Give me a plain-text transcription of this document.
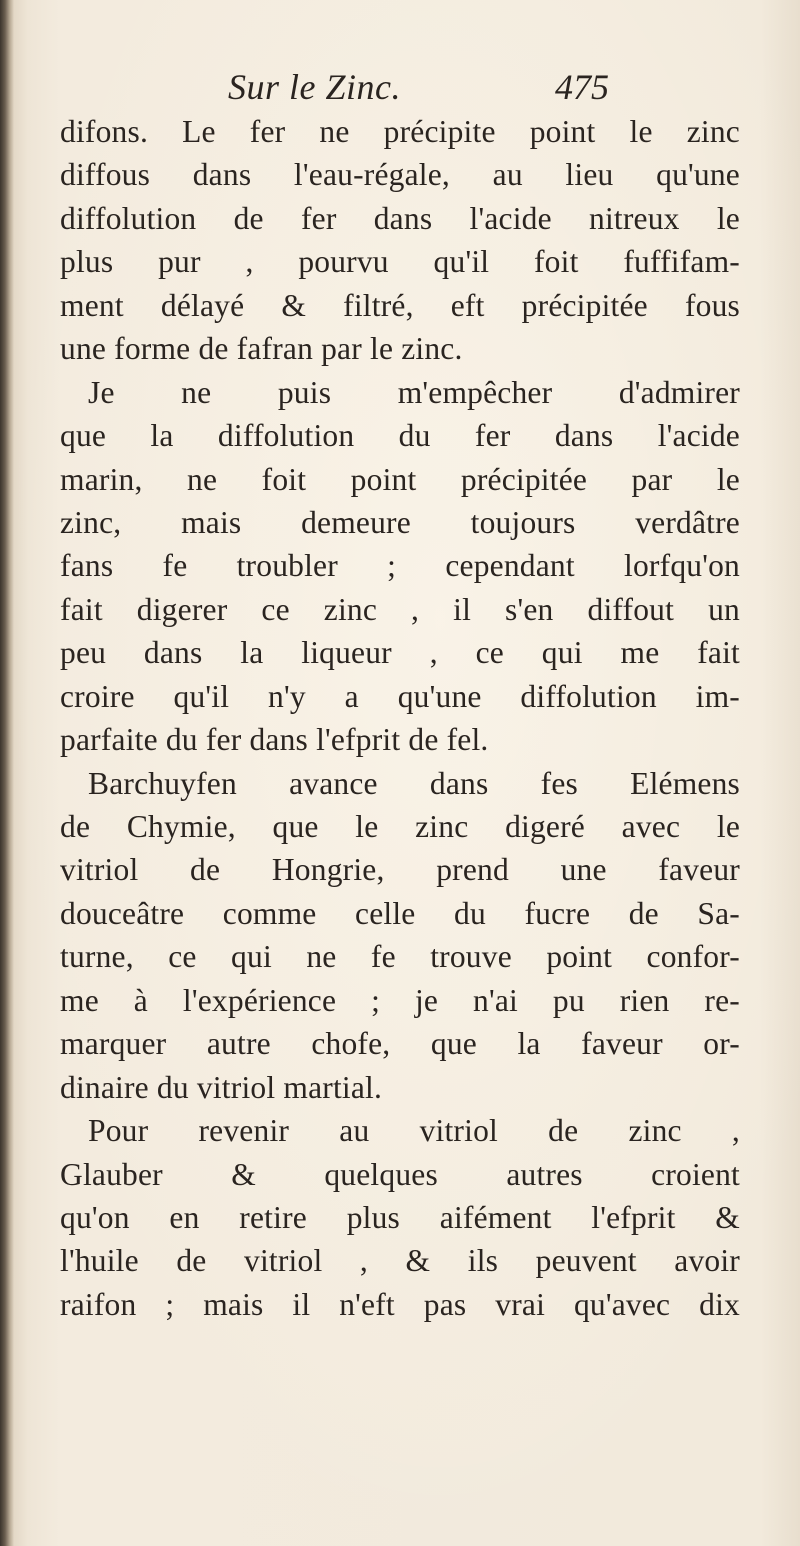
Sur le Zinc.	475
difons. Le fer ne précipite point le zinc
diffous dans l'eau-régale, au lieu qu'une
diffolution de fer dans l'acide nitreux le
plus pur , pourvu qu'il foit fuffifam-
ment délayé & filtré, eft précipitée fous
une forme de fafran par le zinc.
Je ne puis m'empêcher d'admirer
que la diffolution du fer dans l'acide
marin, ne foit point précipitée par le
zinc, mais demeure toujours verdâtre
fans fe troubler ; cependant lorfqu'on
fait digerer ce zinc , il s'en diffout un
peu dans la liqueur , ce qui me fait
croire qu'il n'y a qu'une diffolution im-
parfaite du fer dans l'efprit de fel.
Barchuyfen avance dans fes Elémens
de Chymie, que le zinc digeré avec le
vitriol de Hongrie, prend une faveur
douceâtre comme celle du fucre de Sa-
turne, ce qui ne fe trouve point confor-
me à l'expérience ; je n'ai pu rien re-
marquer autre chofe, que la faveur or-
dinaire du vitriol martial.
Pour revenir au vitriol de zinc ,
Glauber & quelques autres croient
qu'on en retire plus aifément l'efprit &
l'huile de vitriol , & ils peuvent avoir
raifon ; mais il n'eft pas vrai qu'avec dix
